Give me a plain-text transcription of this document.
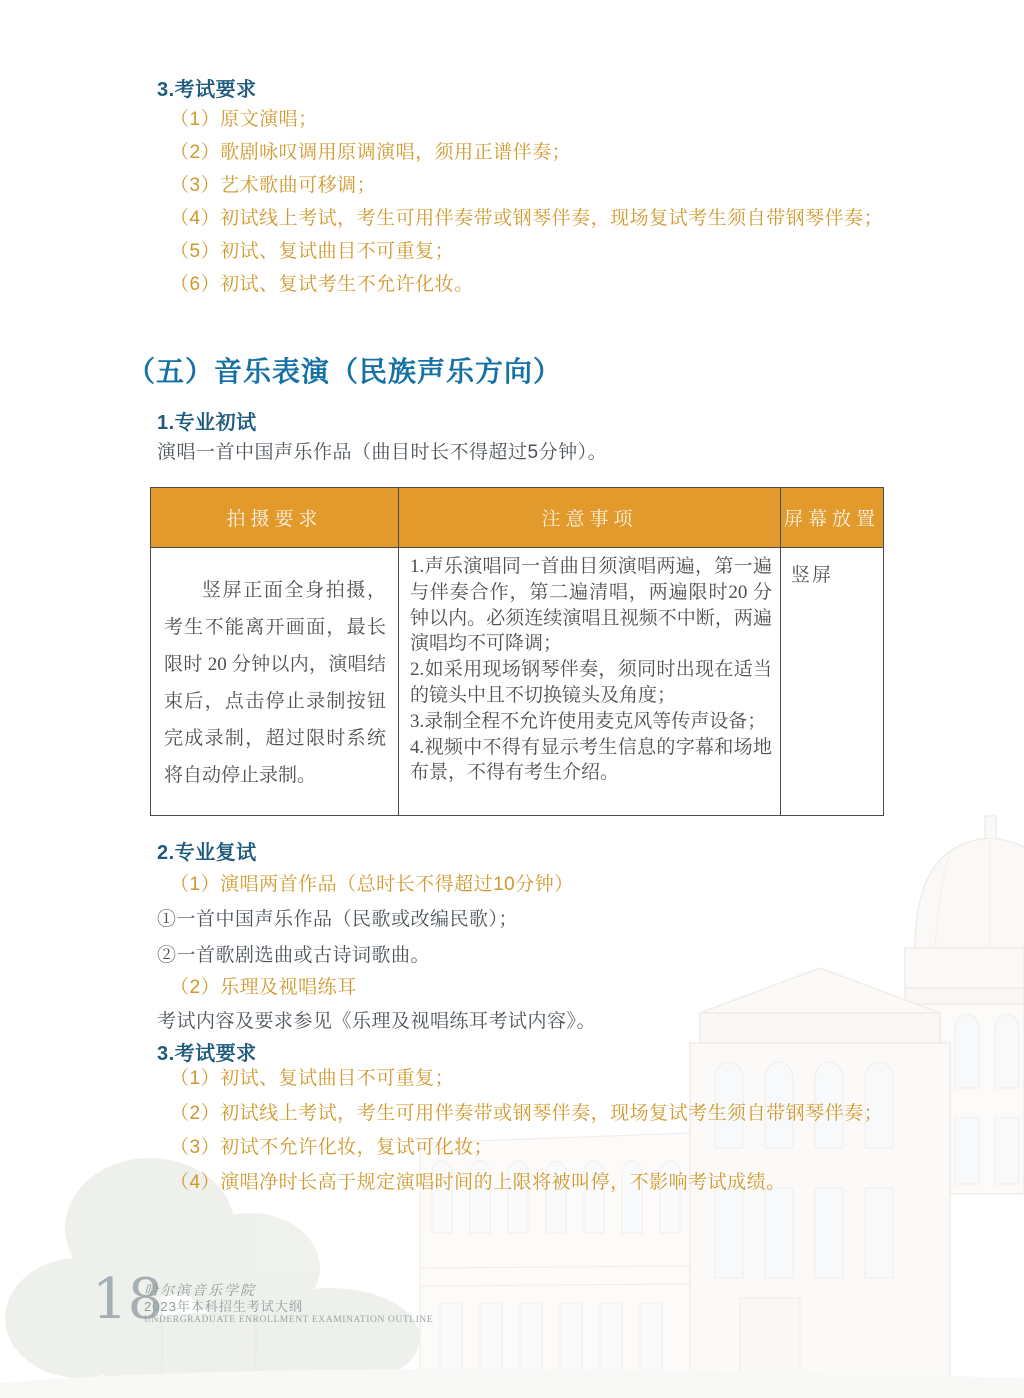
3.考试要求
（1）原文演唱；
（2）歌剧咏叹调用原调演唱，须用正谱伴奏；
（3）艺术歌曲可移调；
（4）初试线上考试，考生可用伴奏带或钢琴伴奏，现场复试考生须自带钢琴伴奏；
（5）初试、复试曲目不可重复；
（6）初试、复试考生不允许化妆。
（五）音乐表演（民族声乐方向）
1.专业初试
演唱一首中国声乐作品（曲目时长不得超过5分钟）。
拍摄要求	注意事项	屏幕放置

竖屏正面全身拍摄，考生不能离开画面，最长限时 20 分钟以内，演唱结束后，点击停止录制按钮完成录制，超过限时系统将自动停止录制。	1.声乐演唱同一首曲目须演唱两遍，第一遍与伴奏合作，第二遍清唱，两遍限时20 分钟以内。必须连续演唱且视频不中断，两遍演唱均不可降调；
2.如采用现场钢琴伴奏，须同时出现在适当的镜头中且不切换镜头及角度；
3.录制全程不允许使用麦克风等传声设备；
4.视频中不得有显示考生信息的字幕和场地布景，不得有考生介绍。	竖屏
2.专业复试
（1）演唱两首作品（总时长不得超过10分钟）
①一首中国声乐作品（民歌或改编民歌）；
②一首歌剧选曲或古诗词歌曲。
（2）乐理及视唱练耳
考试内容及要求参见《乐理及视唱练耳考试内容》。
3.考试要求
（1）初试、复试曲目不可重复；
（2）初试线上考试，考生可用伴奏带或钢琴伴奏，现场复试考生须自带钢琴伴奏；
（3）初试不允许化妆，复试可化妆；
（4）演唱净时长高于规定演唱时间的上限将被叫停，不影响考试成绩。
18
哈尔滨音乐学院
2023年本科招生考试大纲
UNDERGRADUATE ENROLLMENT EXAMINATION OUTLINE
